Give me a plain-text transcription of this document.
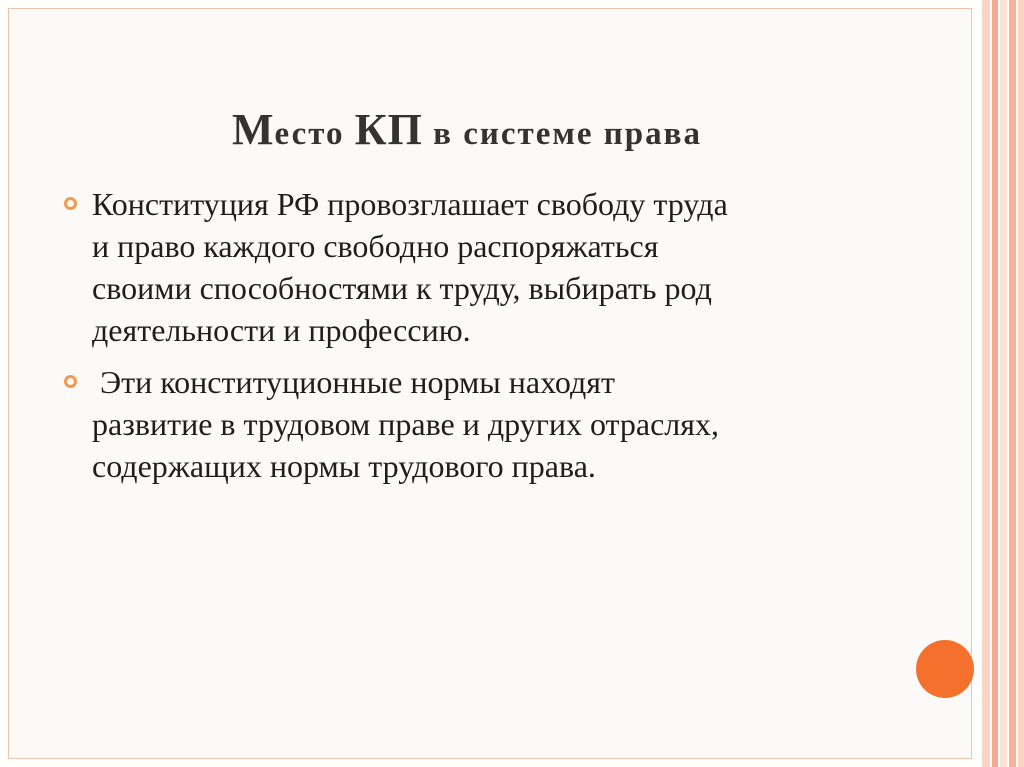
Место КП в системе права
Конституция РФ провозглашает свободу труда
и право каждого свободно распоряжаться
своими способностями к труду, выбирать род
деятельности и профессию.
Эти конституционные нормы находят
развитие в трудовом праве и других отраслях,
содержащих нормы трудового права.
